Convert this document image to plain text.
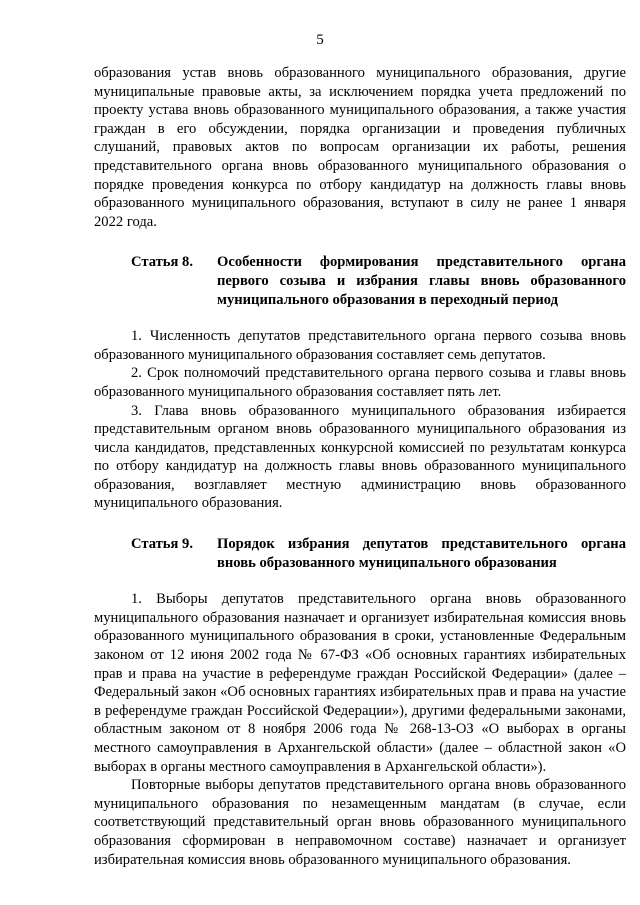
5

образования устав вновь образованного муниципального образования, другие муниципальные правовые акты, за исключением порядка учета предложений по проекту устава вновь образованного муниципального образования, а также участия граждан в его обсуждении, порядка организации и проведения публичных слушаний, правовых актов по вопросам организации их работы, решения представительного органа вновь образованного муниципального образования о порядке проведения конкурса по отбору кандидатур на должность главы вновь образованного муниципального образования, вступают в силу не ранее 1 января 2022 года.

Статья 8.	Особенности формирования представительного органа первого созыва и избрания главы вновь образованного муниципального образования в переходный период

1. Численность депутатов представительного органа первого созыва вновь образованного муниципального образования составляет семь депутатов.

2. Срок полномочий представительного органа первого созыва и главы вновь образованного муниципального образования составляет пять лет.

3. Глава вновь образованного муниципального образования избирается представительным органом вновь образованного муниципального образования из числа кандидатов, представленных конкурсной комиссией по результатам конкурса по отбору кандидатур на должность главы вновь образованного муниципального образования, возглавляет местную администрацию вновь образованного муниципального образования.

Статья 9.	Порядок избрания депутатов представительного органа вновь образованного муниципального образования

1. Выборы депутатов представительного органа вновь образованного муниципального образования назначает и организует избирательная комиссия вновь образованного муниципального образования в сроки, установленные Федеральным законом от 12 июня 2002 года № 67-ФЗ «Об основных гарантиях избирательных прав и права на участие в референдуме граждан Российской Федерации» (далее – Федеральный закон «Об основных гарантиях избирательных прав и права на участие в референдуме граждан Российской Федерации»), другими федеральными законами, областным законом от 8 ноября 2006 года № 268-13-ОЗ «О выборах в органы местного самоуправления в Архангельской области» (далее – областной закон «О выборах в органы местного самоуправления в Архангельской области»).

Повторные выборы депутатов представительного органа вновь образованного муниципального образования по незамещенным мандатам (в случае, если соответствующий представительный орган вновь образованного муниципального образования сформирован в неправомочном составе) назначает и организует избирательная комиссия вновь образованного муниципального образования.
